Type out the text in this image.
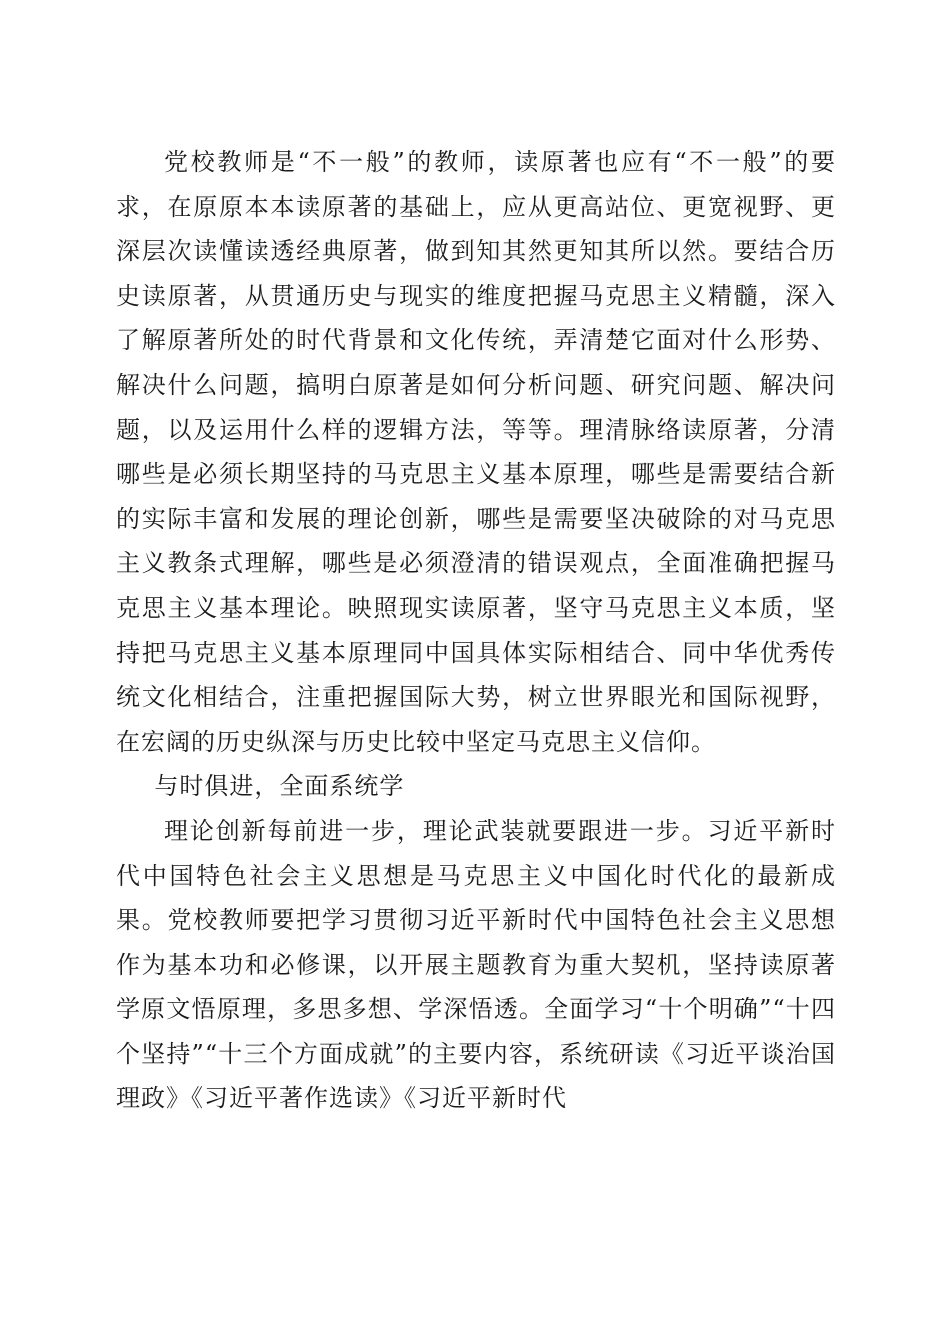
党校教师是“不一般”的教师，读原著也应有“不一般”的要求，在原原本本读原著的基础上，应从更高站位、更宽视野、更深层次读懂读透经典原著，做到知其然更知其所以然。要结合历史读原著，从贯通历史与现实的维度把握马克思主义精髓，深入了解原著所处的时代背景和文化传统，弄清楚它面对什么形势、解决什么问题，搞明白原著是如何分析问题、研究问题、解决问题，以及运用什么样的逻辑方法，等等。理清脉络读原著，分清哪些是必须长期坚持的马克思主义基本原理，哪些是需要结合新的实际丰富和发展的理论创新，哪些是需要坚决破除的对马克思主义教条式理解，哪些是必须澄清的错误观点，全面准确把握马克思主义基本理论。映照现实读原著，坚守马克思主义本质，坚持把马克思主义基本原理同中国具体实际相结合、同中华优秀传统文化相结合，注重把握国际大势，树立世界眼光和国际视野，在宏阔的历史纵深与历史比较中坚定马克思主义信仰。

与时俱进，全面系统学

理论创新每前进一步，理论武装就要跟进一步。习近平新时代中国特色社会主义思想是马克思主义中国化时代化的最新成果。党校教师要把学习贯彻习近平新时代中国特色社会主义思想作为基本功和必修课，以开展主题教育为重大契机，坚持读原著学原文悟原理，多思多想、学深悟透。全面学习“十个明确”“十四个坚持”“十三个方面成就”的主要内容，系统研读《习近平谈治国理政》《习近平著作选读》《习近平新时代
